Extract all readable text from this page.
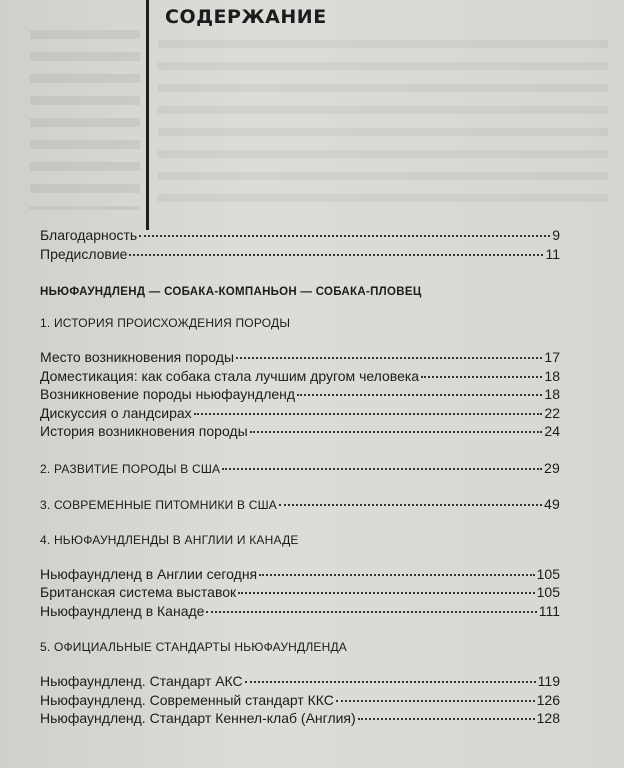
СОДЕРЖАНИЕ
Благодарность	9
Предисловие	11
НЬЮФАУНДЛЕНД — СОБАКА-КОМПАНЬОН — СОБАКА-ПЛОВЕЦ
1. ИСТОРИЯ ПРОИСХОЖДЕНИЯ ПОРОДЫ
Место возникновения породы	17
Доместикация: как собака стала лучшим другом человека	18
Возникновение породы ньюфаундленд	18
Дискуссия о ландсирах	22
История возникновения породы	24
2. РАЗВИТИЕ ПОРОДЫ В США	29
3. СОВРЕМЕННЫЕ ПИТОМНИКИ В США	49
4. НЬЮФАУНДЛЕНДЫ В АНГЛИИ И КАНАДЕ
Ньюфаундленд в Англии сегодня	105
Британская система выставок	105
Ньюфаундленд в Канаде	111
5. ОФИЦИАЛЬНЫЕ СТАНДАРТЫ НЬЮФАУНДЛЕНДА
Ньюфаундленд. Стандарт АКС	119
Ньюфаундленд. Современный стандарт ККС	126
Ньюфаундленд. Стандарт Кеннел-клаб (Англия)	128
